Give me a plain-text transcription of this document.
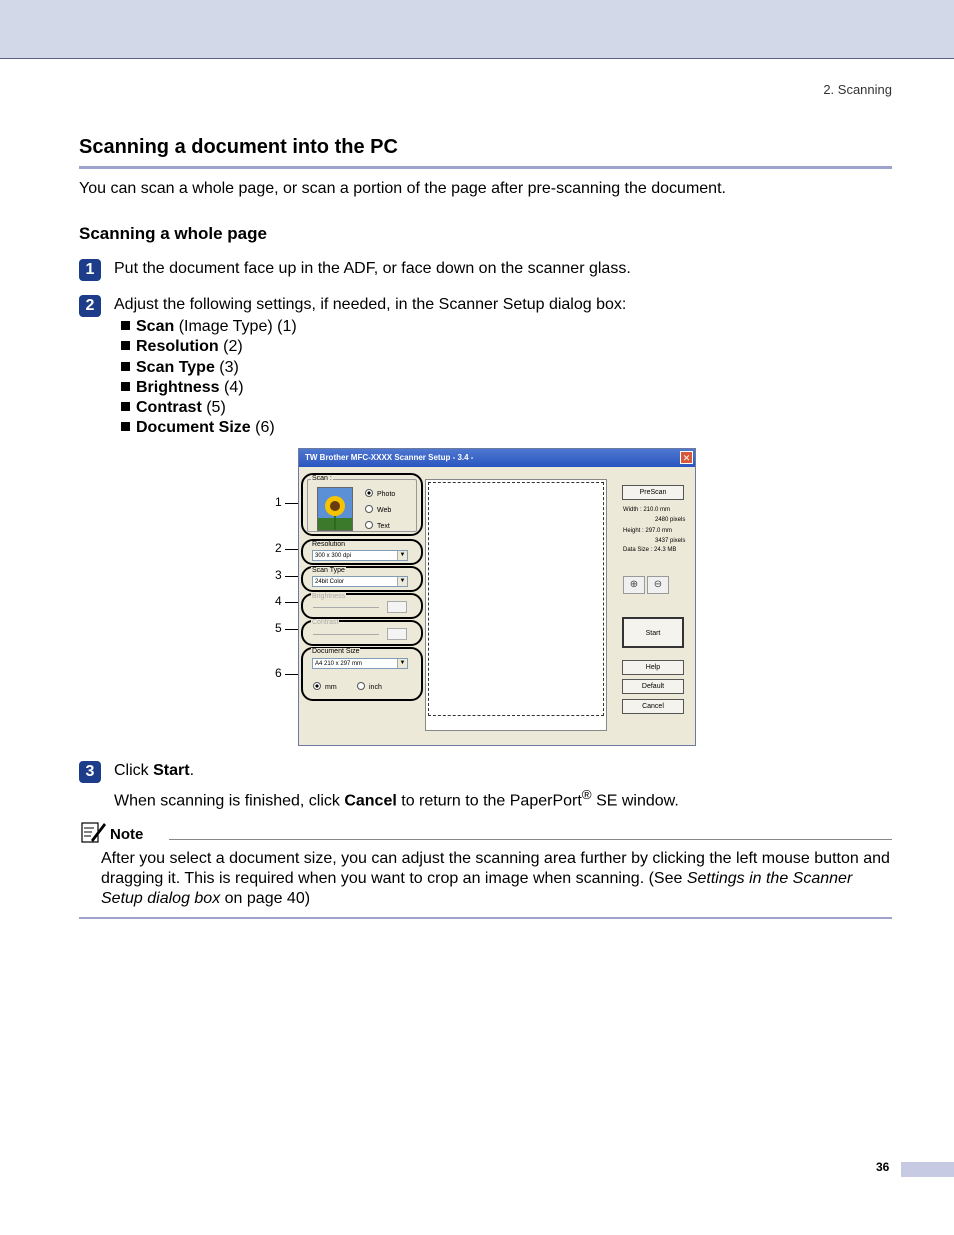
2. Scanning
Scanning a document into the PC
You can scan a whole page, or scan a portion of the page after pre-scanning the document.
Scanning a whole page
1	Put the document face up in the ADF, or face down on the scanner glass.
2	Adjust the following settings, if needed, in the Scanner Setup dialog box:
Scan (Image Type) (1)
Resolution (2)
Scan Type (3)
Brightness (4)
Contrast (5)
Document Size (6)
1
2
3
4
5
6
TW Brother MFC-XXXX Scanner Setup - 3.4 -	✕
Scan :
Photo
Web
Text
Resolution
300 x 300 dpi	▼
Scan Type
24bit Color	▼
Brightness
Contrast
Document Size
A4 210 x 297 mm	▼
mm	inch
PreScan
Width : 210.0 mm
2480 pixels
Height : 297.0 mm
3437 pixels
Data Size : 24.3 MB
⊕	⊖
Start
Help
Default
Cancel
3	Click Start.
When scanning is finished, click Cancel to return to the PaperPort® SE window.
Note
After you select a document size, you can adjust the scanning area further by clicking the left mouse button and dragging it. This is required when you want to crop an image when scanning. (See Settings in the Scanner Setup dialog box on page 40)
36
